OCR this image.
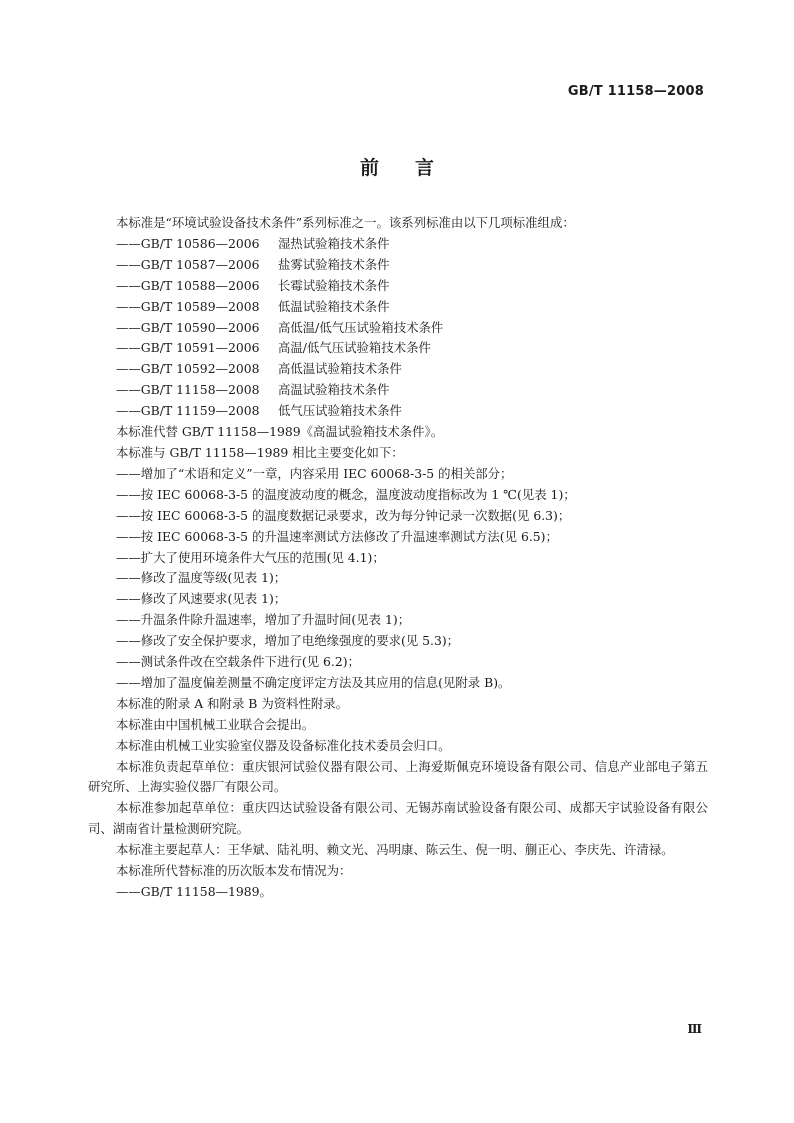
GB/T 11158—2008
前言

本标准是“环境试验设备技术条件”系列标准之一。该系列标准由以下几项标准组成：

——GB/T 10586—2006 湿热试验箱技术条件

——GB/T 10587—2006 盐雾试验箱技术条件

——GB/T 10588—2006 长霉试验箱技术条件

——GB/T 10589—2008 低温试验箱技术条件

——GB/T 10590—2006 高低温/低气压试验箱技术条件

——GB/T 10591—2006 高温/低气压试验箱技术条件

——GB/T 10592—2008 高低温试验箱技术条件

——GB/T 11158—2008 高温试验箱技术条件

——GB/T 11159—2008 低气压试验箱技术条件

本标准代替 GB/T 11158—1989《高温试验箱技术条件》。

本标准与 GB/T 11158—1989 相比主要变化如下：

——增加了“术语和定义”一章，内容采用 IEC 60068-3-5 的相关部分；

——按 IEC 60068-3-5 的温度波动度的概念，温度波动度指标改为 1 ℃(见表 1)；

——按 IEC 60068-3-5 的温度数据记录要求，改为每分钟记录一次数据(见 6.3)；

——按 IEC 60068-3-5 的升温速率测试方法修改了升温速率测试方法(见 6.5)；

——扩大了使用环境条件大气压的范围(见 4.1)；

——修改了温度等级(见表 1)；

——修改了风速要求(见表 1)；

——升温条件除升温速率，增加了升温时间(见表 1)；

——修改了安全保护要求，增加了电绝缘强度的要求(见 5.3)；

——测试条件改在空载条件下进行(见 6.2)；

——增加了温度偏差测量不确定度评定方法及其应用的信息(见附录 B)。

本标准的附录 A 和附录 B 为资料性附录。

本标准由中国机械工业联合会提出。

本标准由机械工业实验室仪器及设备标准化技术委员会归口。

本标准负责起草单位：重庆银河试验仪器有限公司、上海爱斯佩克环境设备有限公司、信息产业部电子第五研究所、上海实验仪器厂有限公司。

本标准参加起草单位：重庆四达试验设备有限公司、无锡苏南试验设备有限公司、成都天宇试验设备有限公司、湖南省计量检测研究院。

本标准主要起草人：王华斌、陆礼明、赖文光、冯明康、陈云生、倪一明、蒯正心、李庆先、许清禄。

本标准所代替标准的历次版本发布情况为：

——GB/T 11158—1989。

Ⅲ
